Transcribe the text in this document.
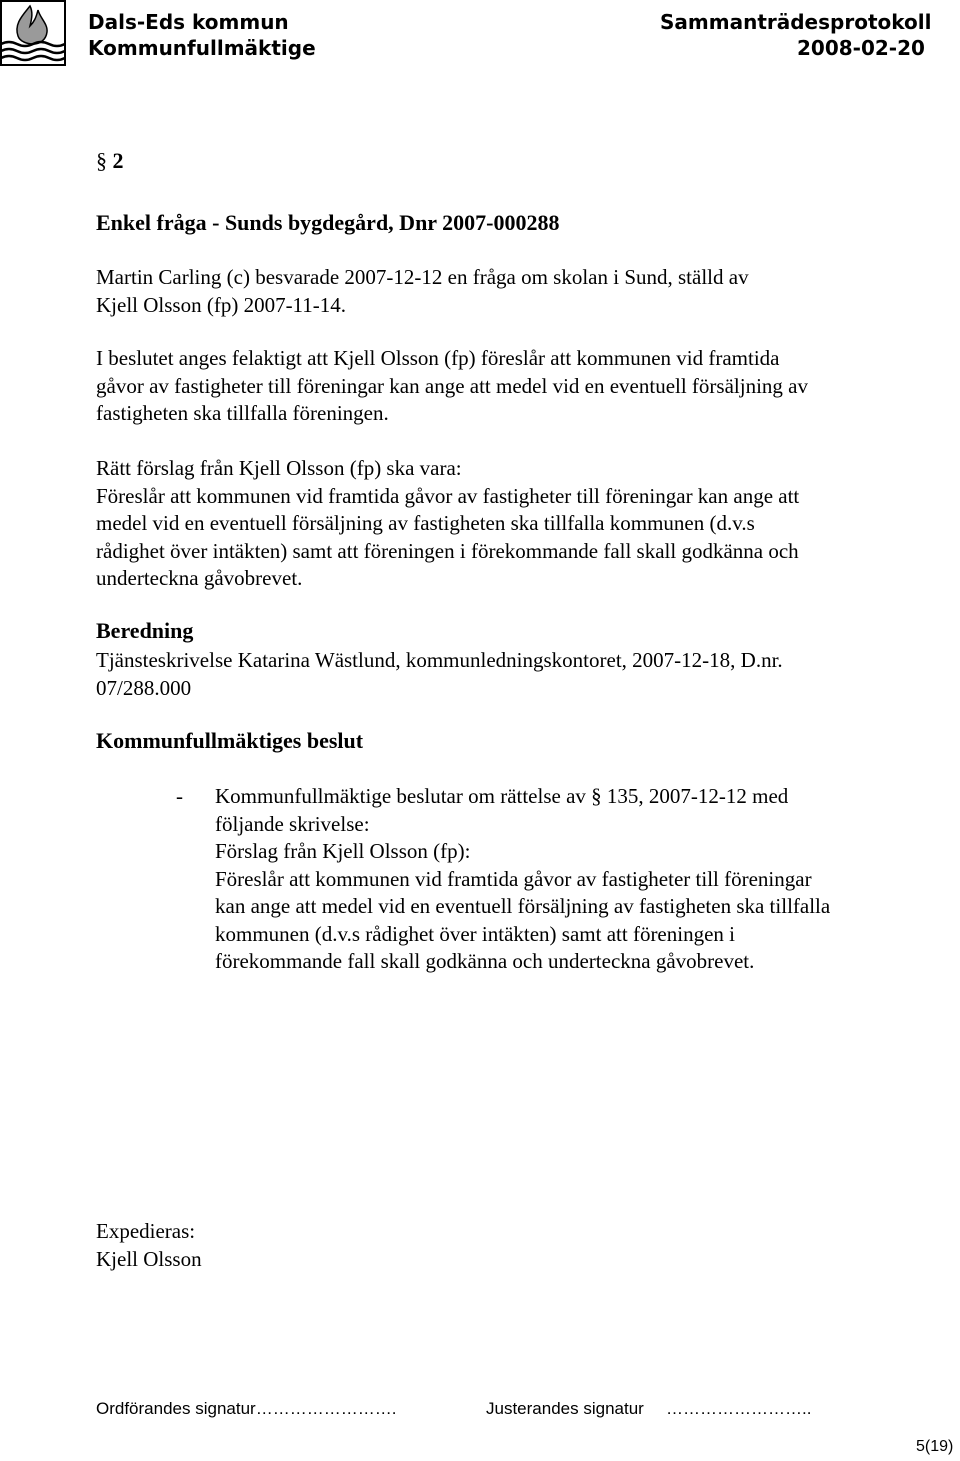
Dals-Eds kommun
Kommunfullmäktige
Sammanträdesprotokoll
2008-02-20
§ 2
Enkel fråga - Sunds bygdegård, Dnr 2007-000288
Martin Carling (c) besvarade 2007-12-12 en fråga om skolan i Sund, ställd av
Kjell Olsson (fp) 2007-11-14.
I beslutet anges felaktigt att Kjell Olsson (fp) föreslår att kommunen vid framtida
gåvor av fastigheter till föreningar kan ange att medel vid en eventuell försäljning av
fastigheten ska tillfalla föreningen.
Rätt förslag från Kjell Olsson (fp) ska vara:
Föreslår att kommunen vid framtida gåvor av fastigheter till föreningar kan ange att
medel vid en eventuell försäljning av fastigheten ska tillfalla kommunen (d.v.s
rådighet över intäkten) samt att föreningen i förekommande fall skall godkänna och
underteckna gåvobrevet.
Beredning
Tjänsteskrivelse Katarina Wästlund, kommunledningskontoret, 2007-12-18, D.nr.
07/288.000
Kommunfullmäktiges beslut
- Kommunfullmäktige beslutar om rättelse av § 135, 2007-12-12 med
följande skrivelse:
Förslag från Kjell Olsson (fp):
Föreslår att kommunen vid framtida gåvor av fastigheter till föreningar
kan ange att medel vid en eventuell försäljning av fastigheten ska tillfalla
kommunen (d.v.s rådighet över intäkten) samt att föreningen i
förekommande fall skall godkänna och underteckna gåvobrevet.
Expedieras:
Kjell Olsson
Ordförandes signatur…………………….	Justerandes signatur ……………………..
5(19)
